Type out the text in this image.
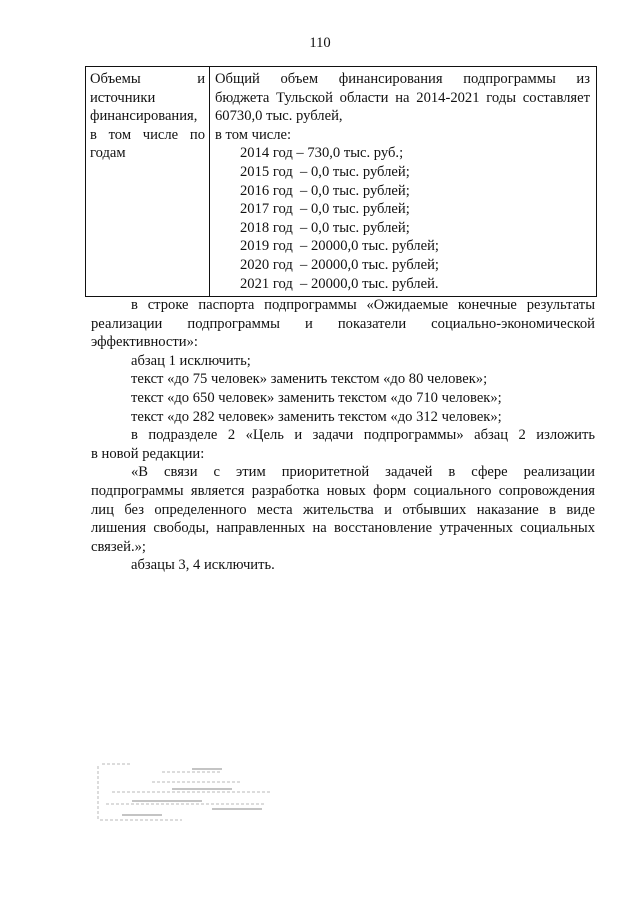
110
Объемы и
источники
финансирования,
в том числе по
годам
Общий объем финансирования подпрограммы из
бюджета Тульской области на 2014-2021 годы составляет
60730,0 тыс. рублей,
в том числе:
2014 год – 730,0 тыс. руб.;
2015 год  – 0,0 тыс. рублей;
2016 год  – 0,0 тыс. рублей;
2017 год  – 0,0 тыс. рублей;
2018 год  – 0,0 тыс. рублей;
2019 год  – 20000,0 тыс. рублей;
2020 год  – 20000,0 тыс. рублей;
2021 год  – 20000,0 тыс. рублей.

в строке паспорта подпрограммы «Ожидаемые конечные результаты

реализации подпрограммы и показатели социально-экономической

эффективности»:

абзац 1 исключить;

текст «до 75 человек» заменить текстом «до 80 человек»;

текст «до 650 человек» заменить текстом «до 710 человек»;

текст «до 282 человек» заменить текстом «до 312 человек»;

в подразделе 2 «Цель и задачи подпрограммы» абзац 2 изложить

в новой редакции:

«В связи с этим приоритетной задачей в сфере реализации

подпрограммы является разработка новых форм социального сопровождения

лиц без определенного места жительства и отбывших наказание в виде

лишения свободы, направленных на восстановление утраченных социальных

связей.»;

абзацы 3, 4 исключить.
